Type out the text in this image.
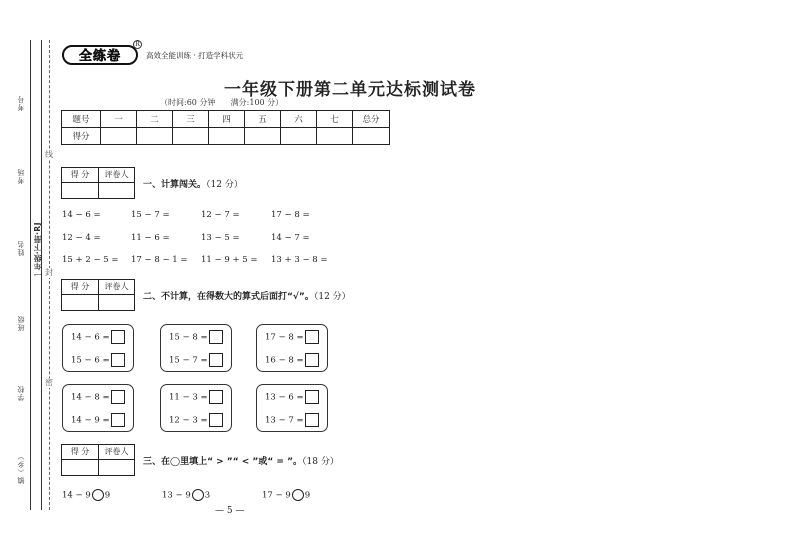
线
封
密
考号
考场
姓名
班级
学校
镇（乡）
一年级·下册·RJ
全练卷
R
高效全能训练 · 打造学科状元
一年级下册第二单元达标测试卷
（时间:60 分钟      满分:100 分）
题号	一	二	三	四	五	六	七	总分
得分								
得 分	评卷人
一、计算闯关。（12 分）
14 − 6 =	15 − 7 =	12 − 7 =	17 − 8 =
12 − 4 =	11 − 6 =	13 − 5 =	14 − 7 =
15 + 2 − 5 = 17 − 8 − 1 = 11 − 9 + 5 = 13 + 3 − 8 =
得 分	评卷人
二、不计算，在得数大的算式后面打“√”。（12 分）
14 − 6 =
15 − 6 =
15 − 8 =
15 − 7 =
17 − 8 =
16 − 8 =
14 − 8 =
14 − 9 =
11 − 3 =
12 − 3 =
13 − 6 =
13 − 7 =
得 分	评卷人
三、在◯里填上“ > ”“ < ”或“ = ”。（18 分）
14 − 9 9	13 − 9 3	17 − 9 9
— 5 —
